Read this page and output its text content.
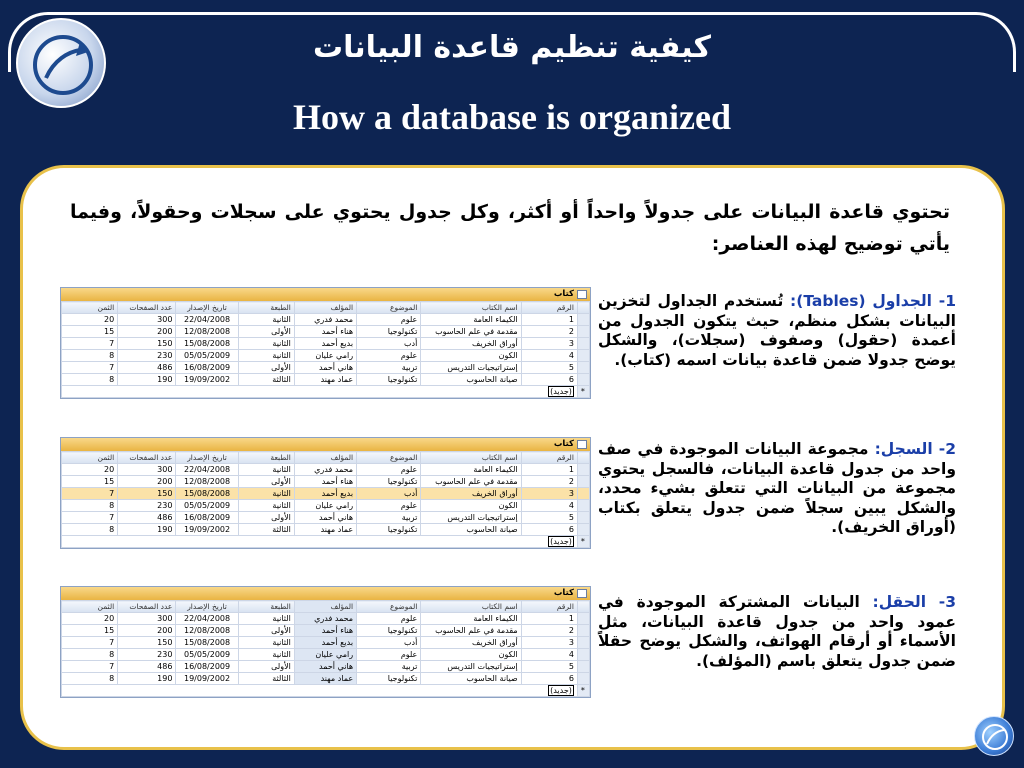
كيفية تنظيم قاعدة البيانات
How a database is organized
تحتوي قاعدة البيانات على جدولاً واحداً أو أكثر، وكل جدول يحتوي على سجلات وحقولاً، وفيما يأتي توضيح لهذه العناصر:
1- الجداول (Tables): تُستخدم الجداول لتخزين البيانات بشكل منظم، حيث يتكون الجدول من أعمدة (حقول) وصفوف (سجلات)، والشكل يوضح جدولا ضمن قاعدة بيانات اسمه (كتاب).
2- السجل: مجموعة البيانات الموجودة في صف واحد من جدول قاعدة البيانات، فالسجل يحتوي مجموعة من البيانات التي تتعلق بشيء محدد، والشكل يبين سجلاً ضمن جدول يتعلق بكتاب (أوراق الخريف).
3- الحقل: البيانات المشتركة الموجودة في عمود واحد من جدول قاعدة البيانات، مثل الأسماء أو أرقام الهواتف، والشكل يوضح حقلاً ضمن جدول يتعلق باسم (المؤلف).
كتاب
الثمن	عدد الصفحات	تاريخ الإصدار	الطبعة	المؤلف	الموضوع	اسم الكتاب	الرقم	
20	300	22/04/2008	الثانية	محمد فدري	علوم	الكيماء العامة	1	
15	200	12/08/2008	الأولى	هناء أحمد	تكنولوجيا	مقدمة في علم الحاسوب	2	
7	150	15/08/2008	الثانية	بديع أحمد	أدب	أوراق الخريف	3	
8	230	05/05/2009	الثانية	رامي عليان	علوم	الكون	4	
7	486	16/08/2009	الأولى	هاني أحمد	تربية	إستراتيجيات التدريس	5	
8	190	19/09/2002	الثالثة	عماد مهند	تكنولوجيا	صيانة الحاسوب	6	
(جديد)								*
كتاب
الثمن	عدد الصفحات	تاريخ الإصدار	الطبعة	المؤلف	الموضوع	اسم الكتاب	الرقم	
20	300	22/04/2008	الثانية	محمد فدري	علوم	الكيماء العامة	1	
15	200	12/08/2008	الأولى	هناء أحمد	تكنولوجيا	مقدمة في علم الحاسوب	2	
7	150	15/08/2008	الثانية	بديع أحمد	أدب	أوراق الخريف	3	
8	230	05/05/2009	الثانية	رامي عليان	علوم	الكون	4	
7	486	16/08/2009	الأولى	هاني أحمد	تربية	إستراتيجيات التدريس	5	
8	190	19/09/2002	الثالثة	عماد مهند	تكنولوجيا	صيانة الحاسوب	6	
(جديد)								*
كتاب
الثمن	عدد الصفحات	تاريخ الإصدار	الطبعة	المؤلف	الموضوع	اسم الكتاب	الرقم	
20	300	22/04/2008	الثانية	محمد فدري	علوم	الكيماء العامة	1	
15	200	12/08/2008	الأولى	هناء أحمد	تكنولوجيا	مقدمة في علم الحاسوب	2	
7	150	15/08/2008	الثانية	بديع أحمد	أدب	أوراق الخريف	3	
8	230	05/05/2009	الثانية	رامي عليان	علوم	الكون	4	
7	486	16/08/2009	الأولى	هاني أحمد	تربية	إستراتيجيات التدريس	5	
8	190	19/09/2002	الثالثة	عماد مهند	تكنولوجيا	صيانة الحاسوب	6	
(جديد)								*
